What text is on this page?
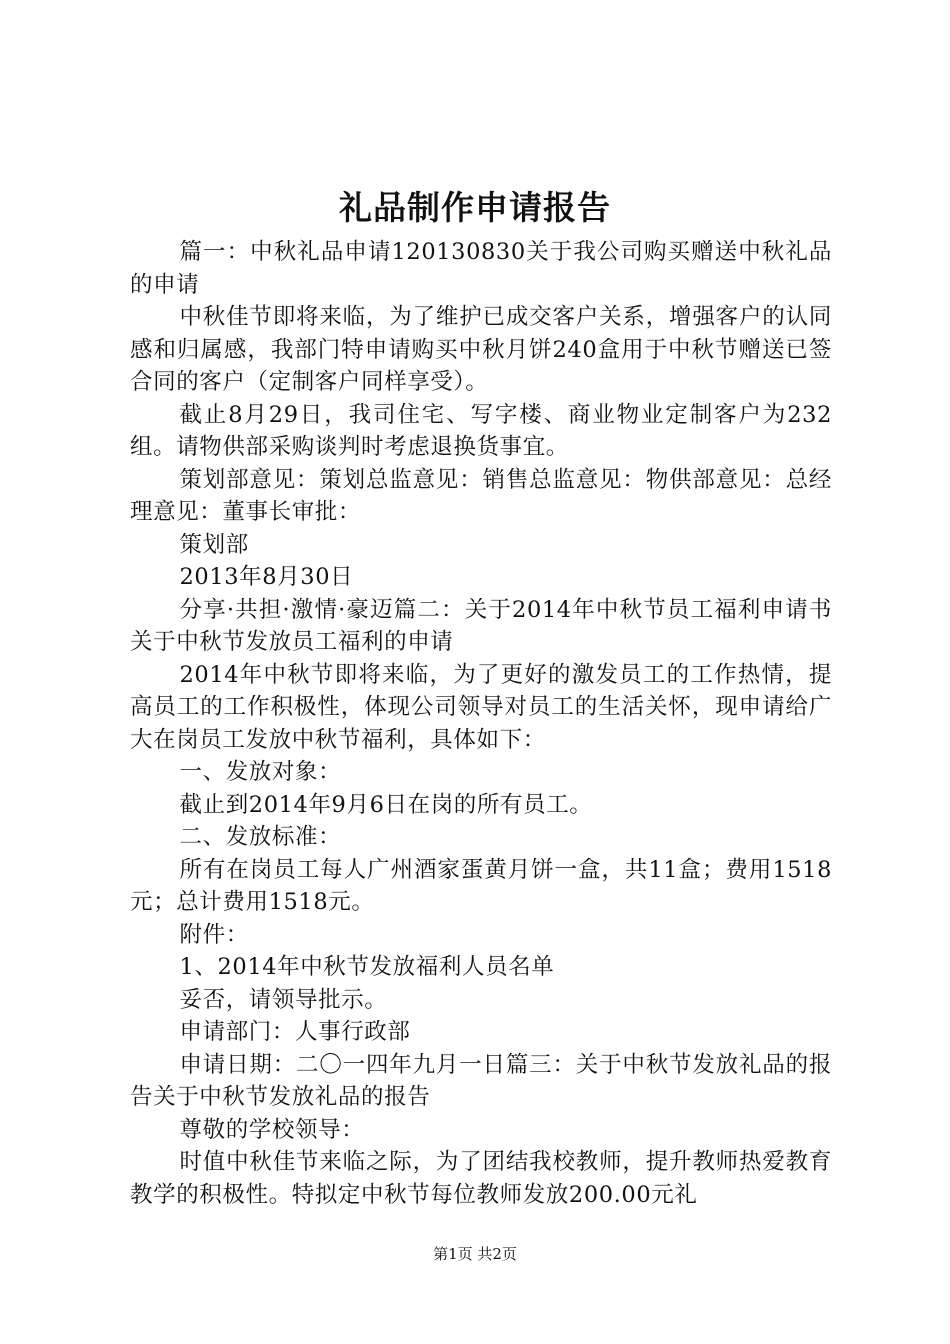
礼品制作申请报告

篇一：中秋礼品申请120130830关于我公司购买赠送中秋礼品的申请

中秋佳节即将来临，为了维护已成交客户关系，增强客户的认同感和归属感，我部门特申请购买中秋月饼240盒用于中秋节赠送已签合同的客户（定制客户同样享受）。

截止8月29日，我司住宅、写字楼、商业物业定制客户为232组。请物供部采购谈判时考虑退换货事宜。

策划部意见：策划总监意见：销售总监意见：物供部意见：总经理意见：董事长审批：

策划部

2013年8月30日

分享·共担·激情·豪迈篇二：关于2014年中秋节员工福利申请书关于中秋节发放员工福利的申请

2014年中秋节即将来临，为了更好的激发员工的工作热情，提高员工的工作积极性，体现公司领导对员工的生活关怀，现申请给广大在岗员工发放中秋节福利，具体如下：

一、发放对象：

截止到2014年9月6日在岗的所有员工。

二、发放标准：

所有在岗员工每人广州酒家蛋黄月饼一盒，共11盒；费用1518元；总计费用1518元。

附件：

1、2014年中秋节发放福利人员名单

妥否，请领导批示。

申请部门：人事行政部

申请日期：二〇一四年九月一日篇三：关于中秋节发放礼品的报告关于中秋节发放礼品的报告

尊敬的学校领导：

时值中秋佳节来临之际，为了团结我校教师，提升教师热爱教育教学的积极性。特拟定中秋节每位教师发放200.00元礼

第1页 共2页
